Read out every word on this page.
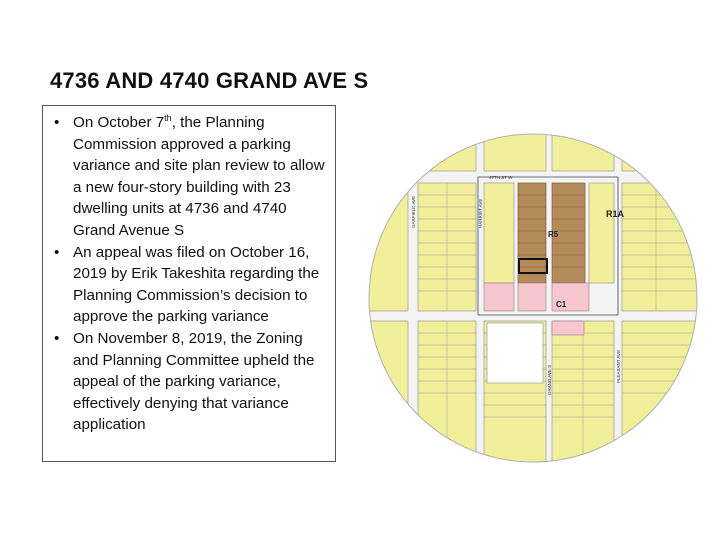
4736 AND 4740 GRAND AVE S
• On October 7th, the Planning Commission approved a parking variance and site plan review to allow a new four-story building with 23 dwelling units at 4736 and 4740 Grand Avenue S
• An appeal was filed on October 16, 2019 by Erik Takeshita regarding the Planning Commission’s decision to approve the parking variance
• On November 8, 2019, the Zoning and Planning Committee upheld the appeal of the parking variance, effectively denying that variance application
R1A
R5
C1
47TH ST W
GARFIELD AVE	HARRIET AVE
GRAND AVE S	PLEASANT AVE
